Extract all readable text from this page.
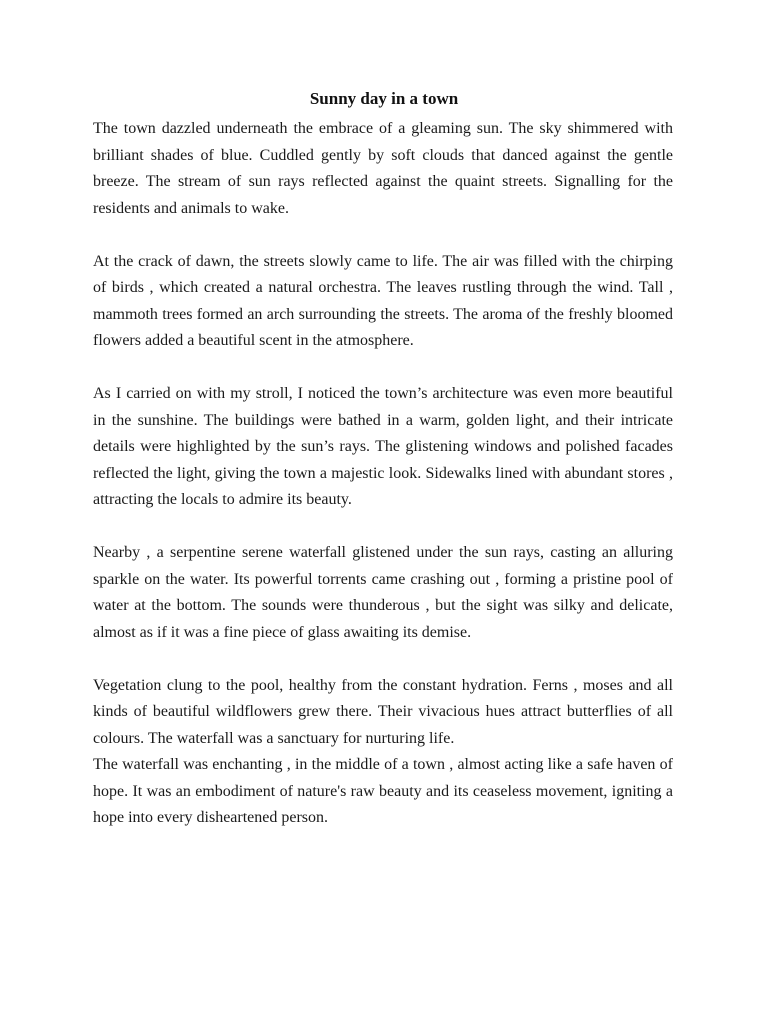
Sunny day in a town

The town dazzled underneath the embrace of a gleaming sun. The sky shimmered with brilliant shades of blue. Cuddled gently by soft clouds that danced against the gentle breeze. The stream of sun rays reflected against the quaint streets. Signalling for the residents and animals to wake.

At the crack of dawn, the streets slowly came to life. The air was filled with the chirping of birds , which created a natural orchestra. The leaves rustling through the wind. Tall , mammoth trees formed an arch surrounding the streets. The aroma of the freshly bloomed flowers added a beautiful scent in the atmosphere.

As I carried on with my stroll, I noticed the town’s architecture was even more beautiful in the sunshine. The buildings were bathed in a warm, golden light, and their intricate details were highlighted by the sun’s rays. The glistening windows and polished facades reflected the light, giving the town a majestic look. Sidewalks lined with abundant stores , attracting the locals to admire its beauty.

Nearby , a serpentine serene waterfall glistened under the sun rays, casting an alluring sparkle on the water. Its powerful torrents came crashing out , forming a pristine pool of water at the bottom. The sounds were thunderous , but the sight was silky and delicate, almost as if it was a fine piece of glass awaiting its demise.

Vegetation clung to the pool, healthy from the constant hydration. Ferns , moses and all kinds of beautiful wildflowers grew there. Their vivacious hues attract butterflies of all colours. The waterfall was a sanctuary for nurturing life.

The waterfall was enchanting , in the middle of a town , almost acting like a safe haven of hope. It was an embodiment of nature's raw beauty and its ceaseless movement, igniting a hope into every disheartened person.
